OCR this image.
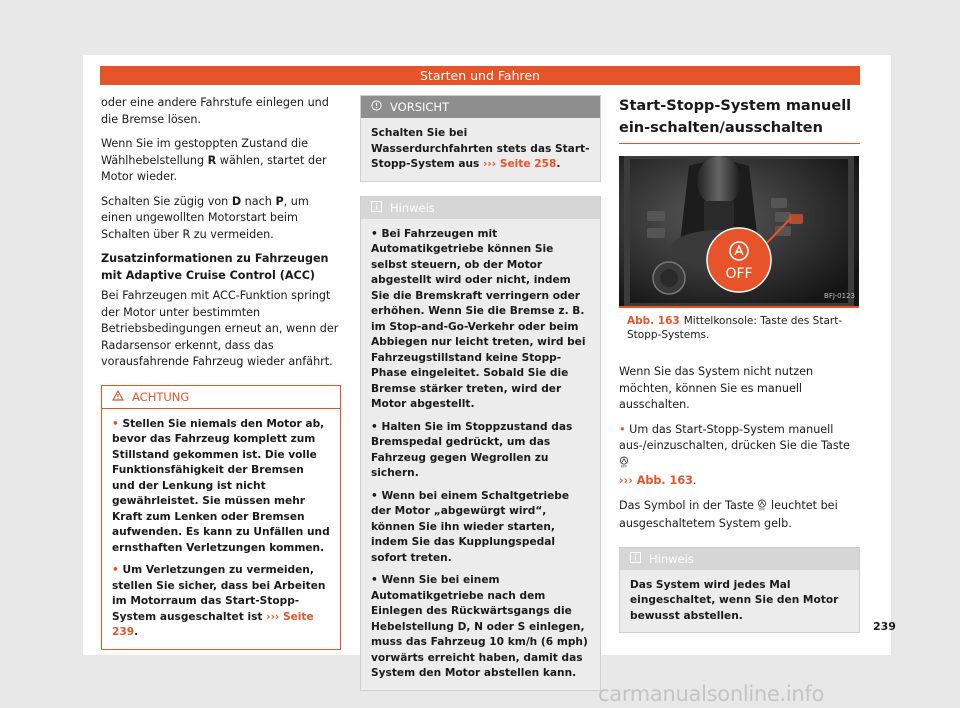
Starten und Fahren

oder eine andere Fahrstufe einlegen und die Bremse lösen.

Wenn Sie im gestoppten Zustand die Wählhebelstellung R wählen, startet der Motor wieder.

Schalten Sie zügig von D nach P, um einen ungewollten Motorstart beim Schalten über R zu vermeiden.

Zusatzinformationen zu Fahrzeugen mit Adaptive Cruise Control (ACC)

Bei Fahrzeugen mit ACC-Funktion springt der Motor unter bestimmten Betriebsbedingungen erneut an, wenn der Radarsensor erkennt, dass das vorausfahrende Fahrzeug wieder anfährt.

ACHTUNG

• Stellen Sie niemals den Motor ab, bevor das Fahrzeug komplett zum Stillstand gekommen ist. Die volle Funktionsfähigkeit der Bremsen und der Lenkung ist nicht gewährleistet. Sie müssen mehr Kraft zum Lenken oder Bremsen aufwenden. Es kann zu Unfällen und ernsthaften Verletzungen kommen.

• Um Verletzungen zu vermeiden, stellen Sie sicher, dass bei Arbeiten im Motorraum das Start-Stopp-System ausgeschaltet ist ››› Seite 239.

VORSICHT

Schalten Sie bei Wasserdurchfahrten stets das Start-Stopp-System aus ››› Seite 258.

Hinweis

• Bei Fahrzeugen mit Automatikgetriebe können Sie selbst steuern, ob der Motor abgestellt wird oder nicht, indem Sie die Bremskraft verringern oder erhöhen. Wenn Sie die Bremse z. B. im Stop-and-Go-Verkehr oder beim Abbiegen nur leicht treten, wird bei Fahrzeugstillstand keine Stopp-Phase eingeleitet. Sobald Sie die Bremse stärker treten, wird der Motor abgestellt.

• Halten Sie im Stoppzustand das Bremspedal gedrückt, um das Fahrzeug gegen Wegrollen zu sichern.

• Wenn bei einem Schaltgetriebe der Motor „abgewürgt wird“, können Sie ihn wieder starten, indem Sie das Kupplungspedal sofort treten.

• Wenn Sie bei einem Automatikgetriebe nach dem Einlegen des Rückwärtsgangs die Hebelstellung D, N oder S einlegen, muss das Fahrzeug 10 km/h (6 mph) vorwärts erreicht haben, damit das System den Motor abstellen kann.

Start-Stopp-System manuell ein-schalten/ausschalten
OFF
BFJ-0123
Abb. 163 Mittelkonsole: Taste des Start-Stopp-Systems.

Wenn Sie das System nicht nutzen möchten, können Sie es manuell ausschalten.

• Um das Start-Stopp-System manuell aus-/einzuschalten, drücken Sie die Taste
OFF

››› Abb. 163.

Das Symbol in der Taste OFF leuchtet bei ausgeschaltetem System gelb.

Hinweis

Das System wird jedes Mal eingeschaltet, wenn Sie den Motor bewusst abstellen.

239
carmanualsonline.info
